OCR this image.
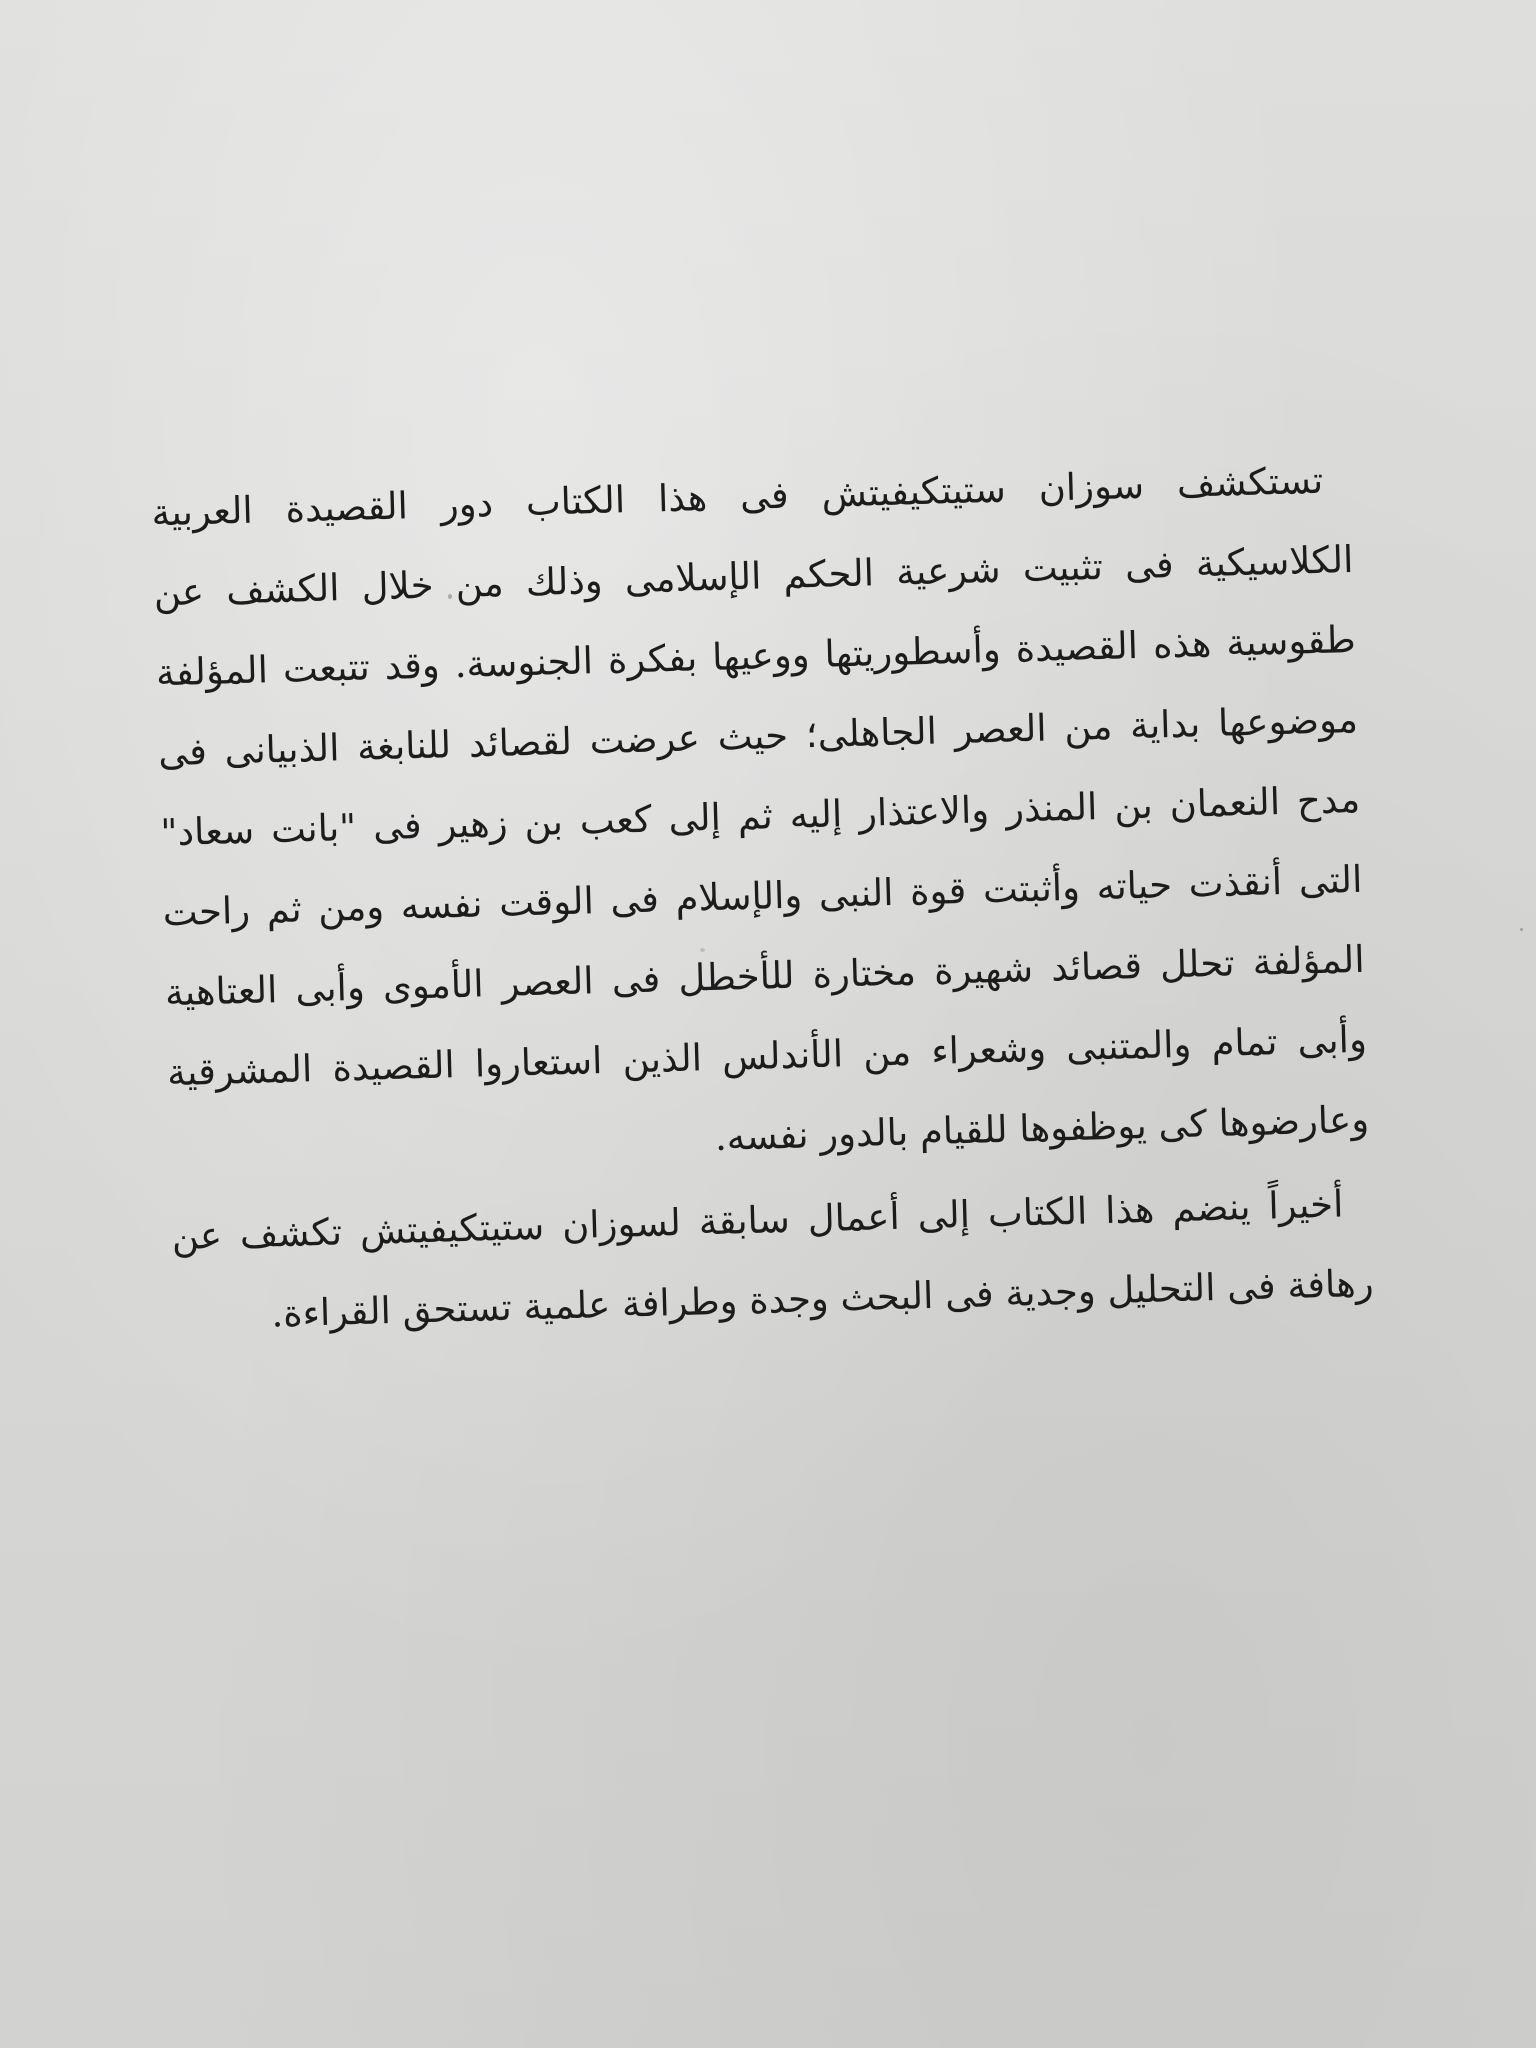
تستكشف سوزان ستيتكيفيتش فى هذا الكتاب دور القصيدة العربية
الكلاسيكية فى تثبيت شرعية الحكم الإسلامى وذلك من خلال الكشف عن
طقوسية هذه القصيدة وأسطوريتها ووعيها بفكرة الجنوسة. وقد تتبعت المؤلفة
موضوعها بداية من العصر الجاهلى؛ حيث عرضت لقصائد للنابغة الذبيانى فى
مدح النعمان بن المنذر والاعتذار إليه ثم إلى كعب بن زهير فى "بانت سعاد"
التى أنقذت حياته وأثبتت قوة النبى والإسلام فى الوقت نفسه ومن ثم راحت
المؤلفة تحلل قصائد شهيرة مختارة للأخطل فى العصر الأموى وأبى العتاهية
وأبى تمام والمتنبى وشعراء من الأندلس الذين استعاروا القصيدة المشرقية
وعارضوها كى يوظفوها للقيام بالدور نفسه.

أخيراً ينضم هذا الكتاب إلى أعمال سابقة لسوزان ستيتكيفيتش تكشف عن
رهافة فى التحليل وجدية فى البحث وجدة وطرافة علمية تستحق القراءة.
